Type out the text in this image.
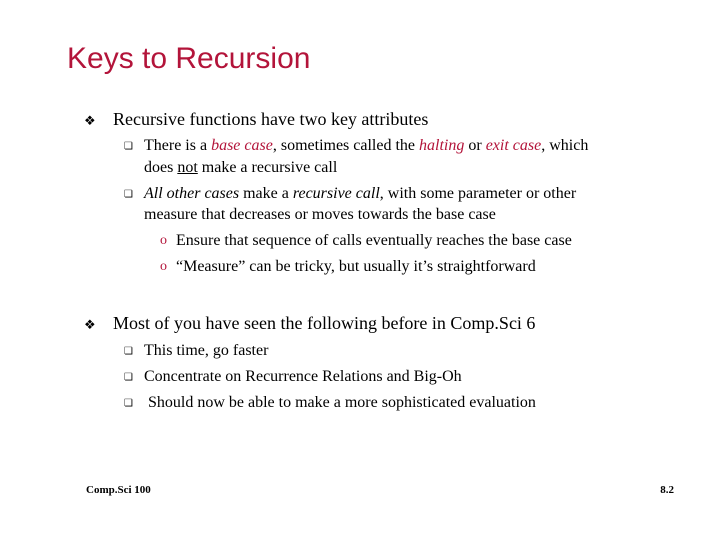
Keys to Recursion
❖ Recursive functions have two key attributes
❏ There is a base case, sometimes called the halting or exit case, which
does not make a recursive call
❏ All other cases make a recursive call, with some parameter or other
measure that decreases or moves towards the base case
o Ensure that sequence of calls eventually reaches the base case
o “Measure” can be tricky, but usually it’s straightforward
❖ Most of you have seen the following before in Comp.Sci 6
❏ This time, go faster
❏ Concentrate on Recurrence Relations and Big-Oh
❏ Should now be able to make a more sophisticated evaluation
Comp.Sci 100	8.2
